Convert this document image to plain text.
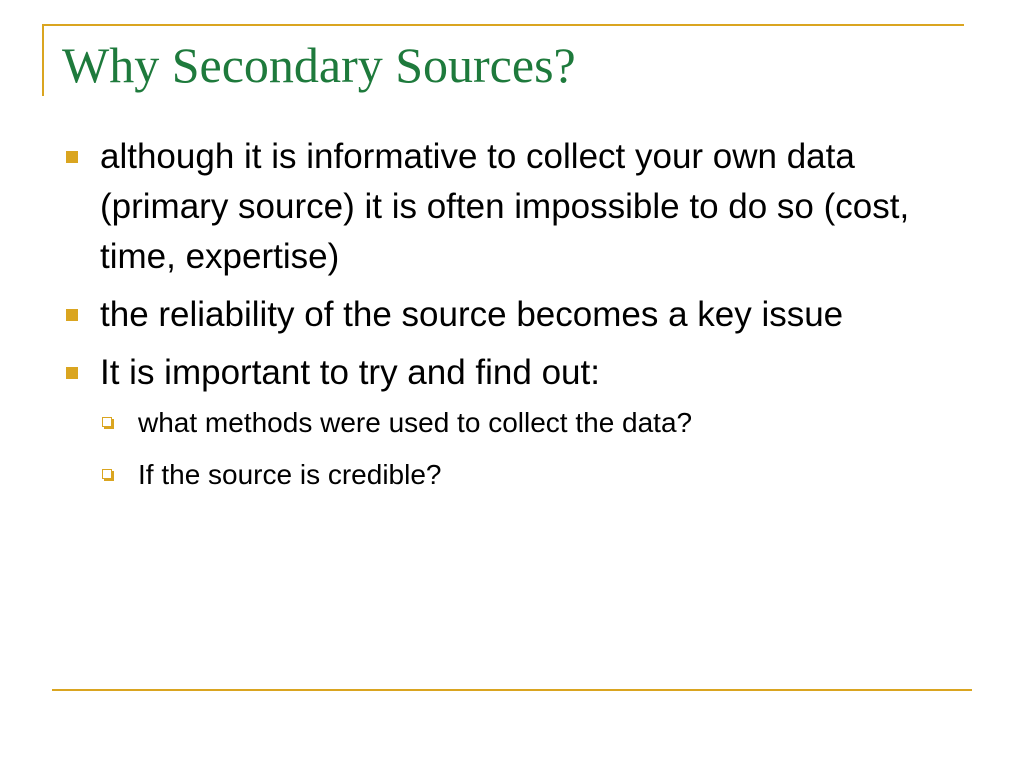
Why Secondary Sources?
although it is informative to collect your own data (primary source) it is often impossible to do so (cost, time, expertise)
the reliability of the source becomes a key issue
It is important to try and find out:
what methods were used to collect the data?
If the source is credible?
